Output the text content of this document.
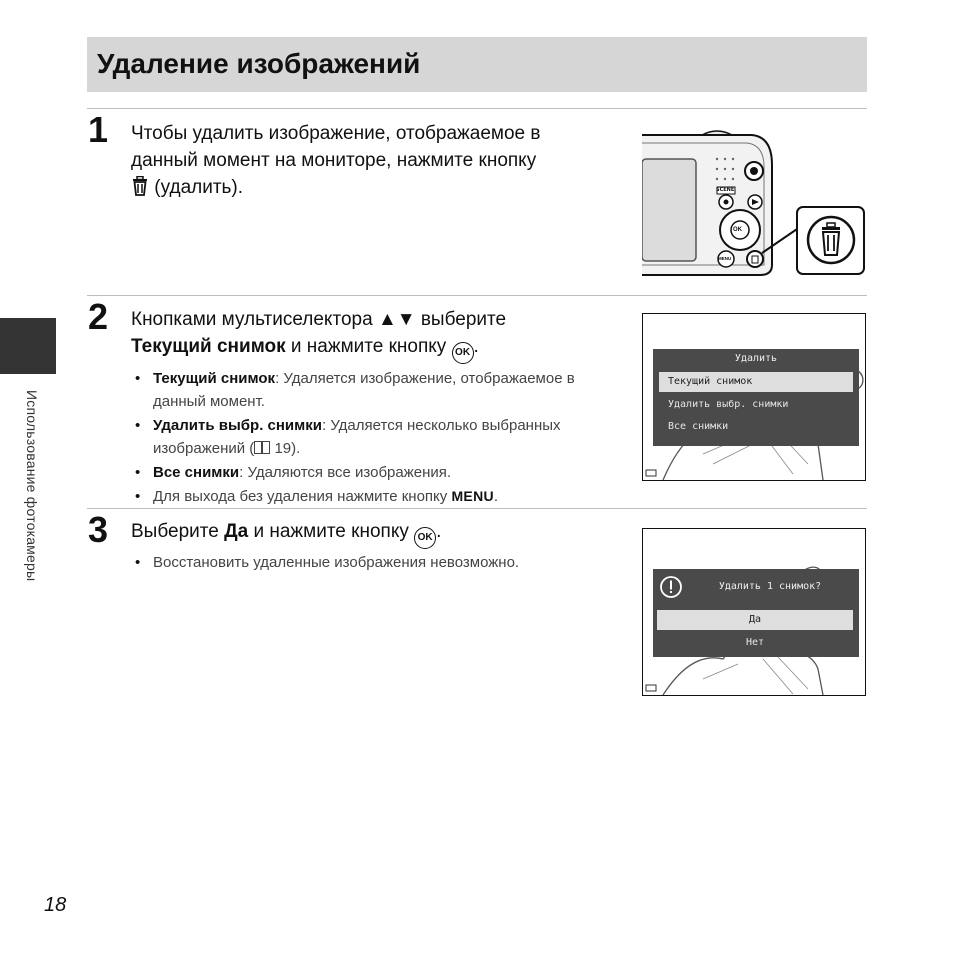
Удаление изображений
Использование фотокамеры
1 Чтобы удалить изображение, отображаемое в
данный момент на мониторе, нажмите кнопку
(удалить).	SCENE
OK
MENU
2 Кнопками мультиселектора ▲▼ выберите
Текущий снимок и нажмите кнопку OK .
• Текущий снимок: Удаляется изображение, отображаемое в данный момент.
• Удалить выбр. снимки: Удаляется несколько выбранных изображений ( 19).
• Все снимки: Удаляются все изображения.
• Для выхода без удаления нажмите кнопку MENU.
Удалить
Текущий снимок
Удалить выбр. снимки
Все снимки
3 Выберите Да и нажмите кнопку OK .
• Восстановить удаленные изображения невозможно.
Удалить 1 снимок?
Да
Нет
18
